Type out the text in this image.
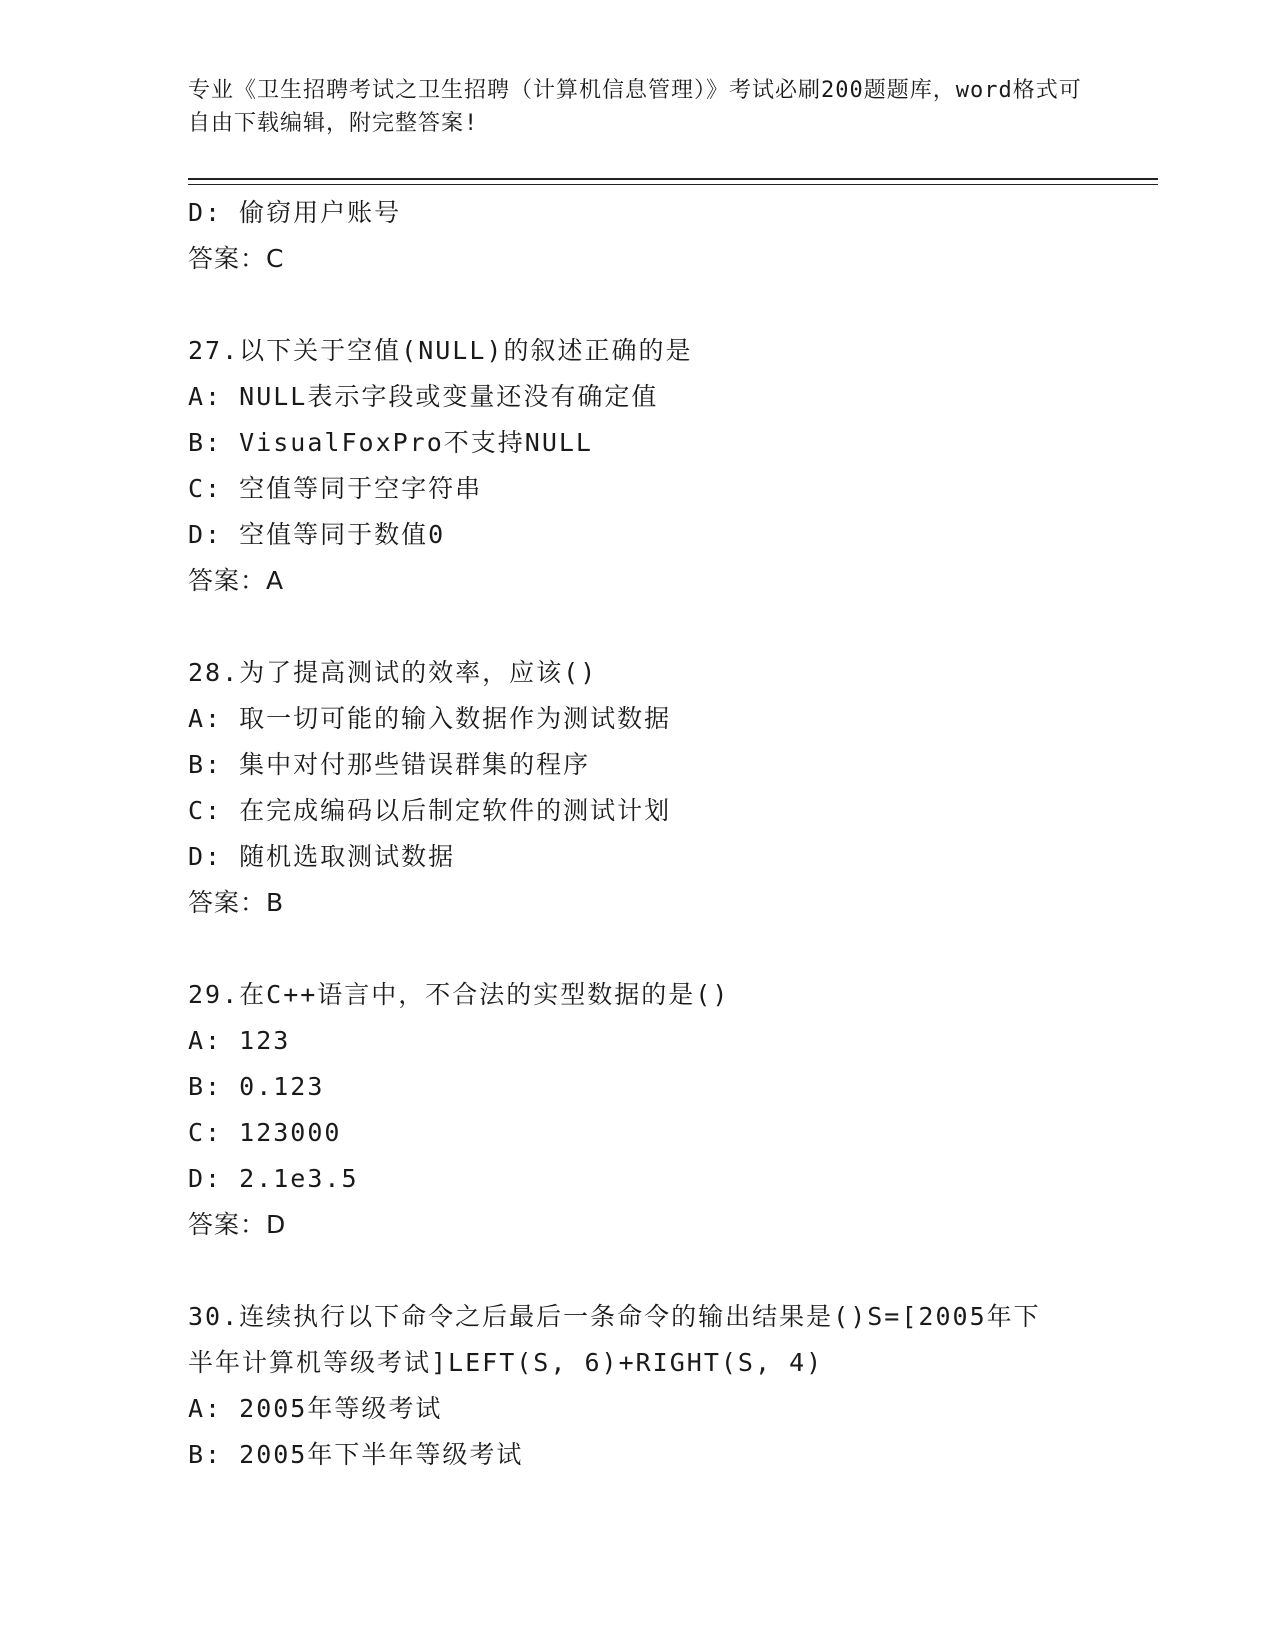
专业《卫生招聘考试之卫生招聘（计算机信息管理）》考试必刷200题题库，word格式可自由下载编辑，附完整答案!
D: 偷窃用户账号
答案：C
27.以下关于空值(NULL)的叙述正确的是
A: NULL表示字段或变量还没有确定值
B: VisualFoxPro不支持NULL
C: 空值等同于空字符串
D: 空值等同于数值0
答案：A
28.为了提高测试的效率，应该()
A: 取一切可能的输入数据作为测试数据
B: 集中对付那些错误群集的程序
C: 在完成编码以后制定软件的测试计划
D: 随机选取测试数据
答案：B
29.在C++语言中，不合法的实型数据的是()
A: 123
B: 0.123
C: 123000
D: 2.1e3.5
答案：D
30.连续执行以下命令之后最后一条命令的输出结果是()S=[2005年下
半年计算机等级考试]LEFT(S, 6)+RIGHT(S, 4)
A: 2005年等级考试
B: 2005年下半年等级考试
